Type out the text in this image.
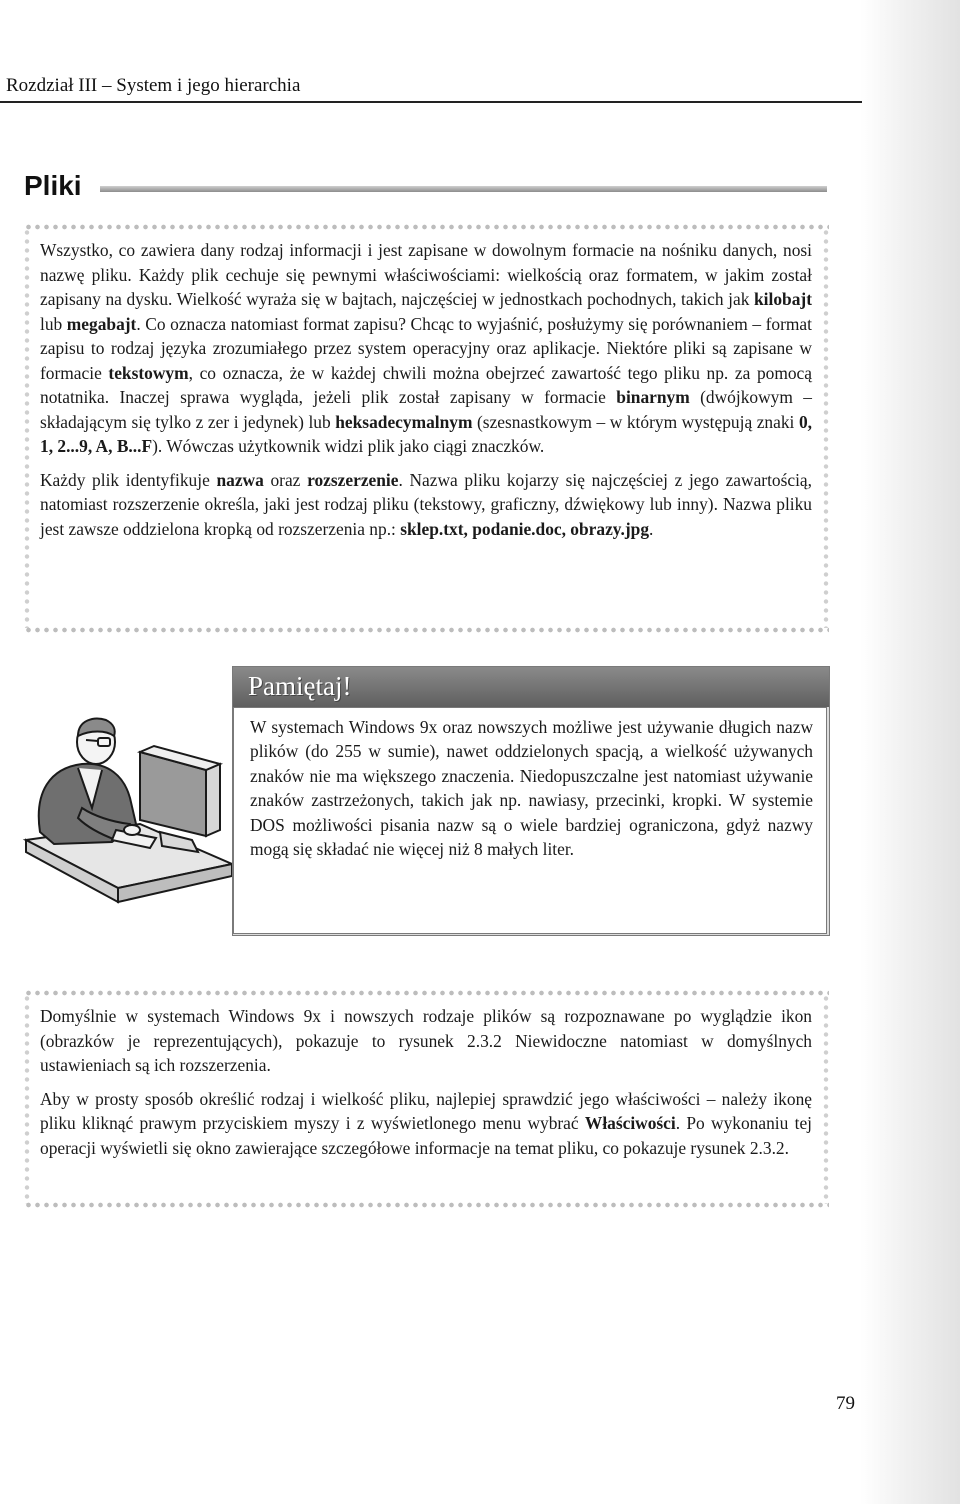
Rozdział III – System i jego hierarchia
Pliki

Wszystko, co zawiera dany rodzaj informacji i jest zapisane w dowolnym formacie na nośniku danych, nosi nazwę pliku. Każdy plik cechuje się pewnymi właściwościami: wielkością oraz formatem, w jakim został zapisany na dysku. Wielkość wyraża się w bajtach, najczęściej w jednostkach pochodnych, takich jak kilobajt lub megabajt. Co oznacza natomiast format zapisu? Chcąc to wyjaśnić, posłużymy się porównaniem – format zapisu to rodzaj języka zrozumiałego przez system operacyjny oraz aplikacje. Niektóre pliki są zapisane w formacie tekstowym, co oznacza, że w każdej chwili można obejrzeć zawartość tego pliku np. za pomocą notatnika. Inaczej sprawa wygląda, jeżeli plik został zapisany w formacie binarnym (dwójkowym – składającym się tylko z zer i jedynek) lub heksadecymalnym (szesnastkowym – w którym występują znaki 0, 1, 2...9, A, B...F). Wówczas użytkownik widzi plik jako ciągi znaczków.

Każdy plik identyfikuje nazwa oraz rozszerzenie. Nazwa pliku kojarzy się najczęściej z jego zawartością, natomiast rozszerzenie określa, jaki jest rodzaj pliku (tekstowy, graficzny, dźwiękowy lub inny). Nazwa pliku jest zawsze oddzielona kropką od rozszerzenia np.: sklep.txt, podanie.doc, obrazy.jpg.

Pamiętaj!
W systemach Windows 9x oraz nowszych możliwe jest używanie długich nazw plików (do 255 w sumie), nawet oddzielonych spacją, a wielkość używanych znaków nie ma większego znaczenia. Niedopuszczalne jest natomiast używanie znaków zastrzeżonych, takich jak np. nawiasy, przecinki, kropki. W systemie DOS możliwości pisania nazw są o wiele bardziej ograniczona, gdyż nazwy mogą się składać nie więcej niż 8 małych liter.

Domyślnie w systemach Windows 9x i nowszych rodzaje plików są rozpoznawane po wyglądzie ikon (obrazków je reprezentujących), pokazuje to rysunek 2.3.2 Niewidoczne natomiast w domyślnych ustawieniach są ich rozszerzenia.

Aby w prosty sposób określić rodzaj i wielkość pliku, najlepiej sprawdzić jego właściwości – należy ikonę pliku kliknąć prawym przyciskiem myszy i z wyświetlonego menu wybrać Właściwości. Po wykonaniu tej operacji wyświetli się okno zawierające szczegółowe informacje na temat pliku, co pokazuje rysunek 2.3.2.

79
